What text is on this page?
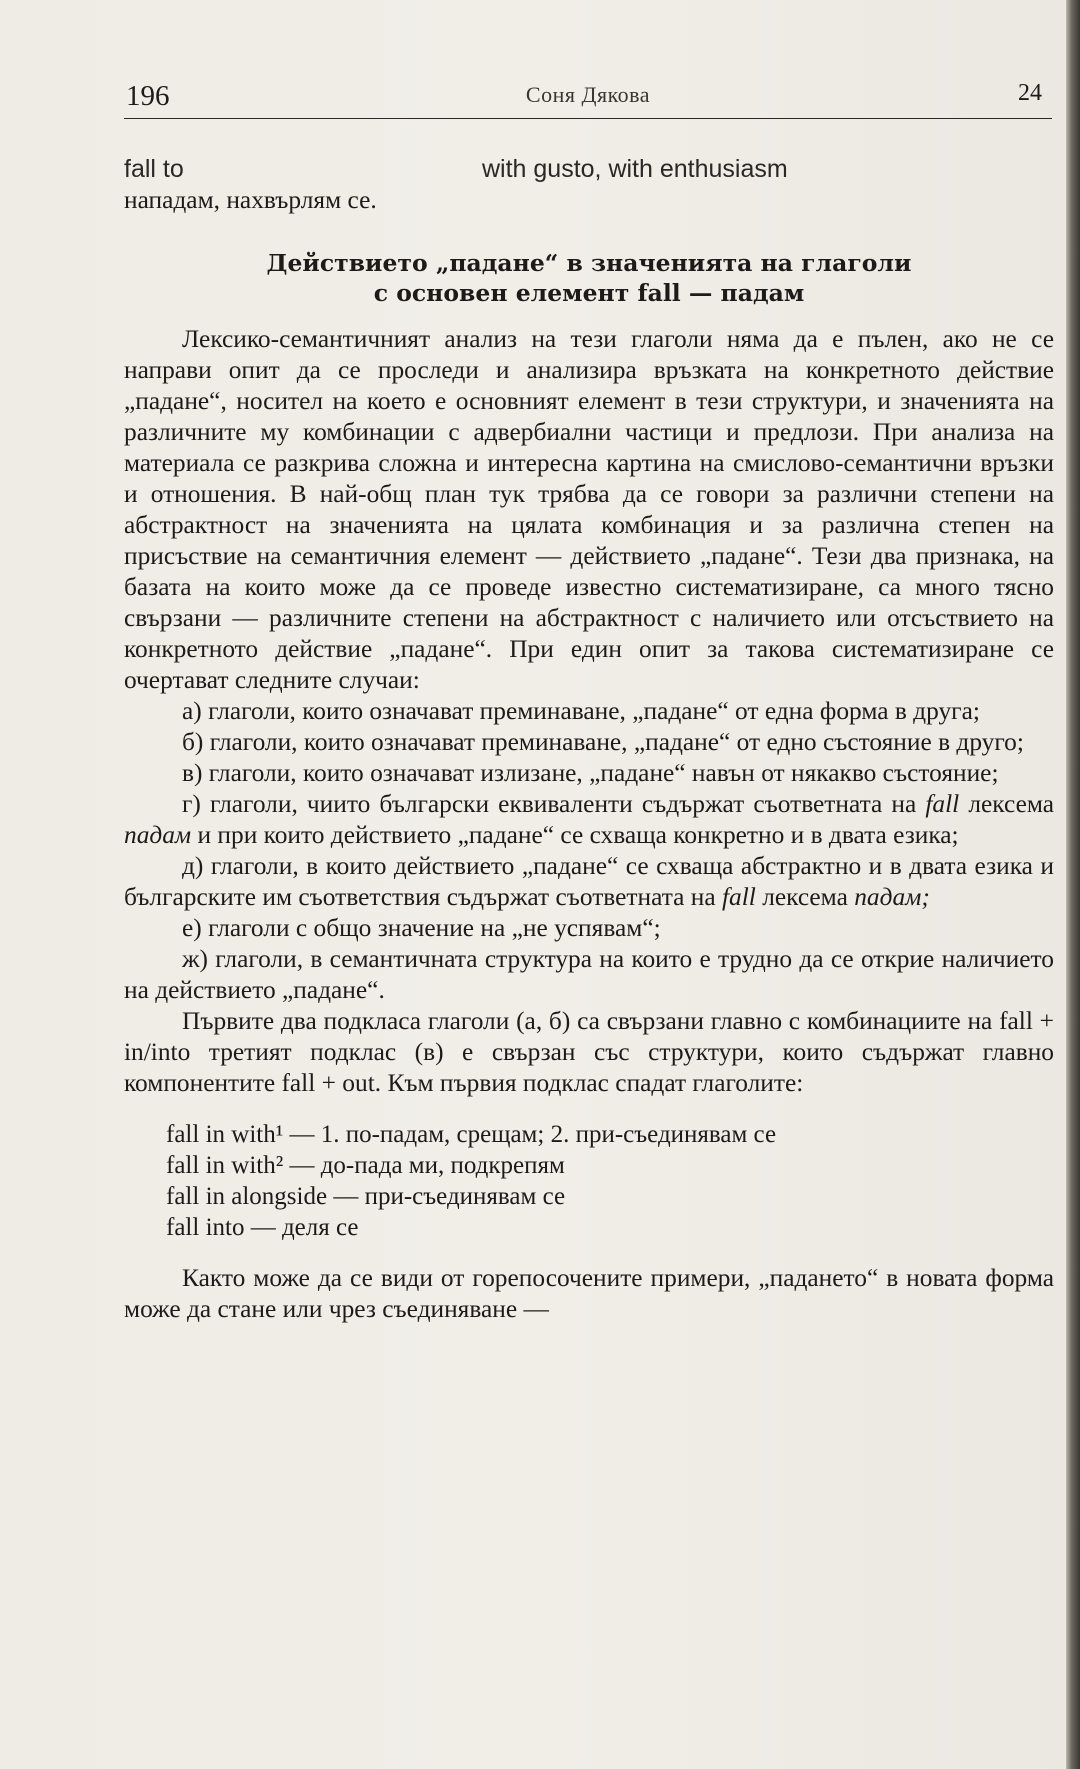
196	Соня Дякова	24
fall to	with gusto, with enthusiasm

нападам, нахвърлям се.

Действието „падане“ в значенията на глаголи
с основен елемент fall — падам

Лексико-семантичният анализ на тези глаголи няма да е пълен, ако не се направи опит да се проследи и анализира връзката на конкретното действие „падане“, носител на което е основният елемент в тези структури, и значенията на различните му комбинации с адвербиални частици и предлози. При анализа на материала се разкрива сложна и интересна картина на смислово-семантични връзки и отношения. В най-общ план тук трябва да се говори за различни степени на абстрактност на значенията на цялата комбинация и за различна степен на присъствие на семантичния елемент — действието „падане“. Тези два признака, на базата на които може да се проведе известно систематизиране, са много тясно свързани — различните степени на абстрактност с наличието или отсъствието на конкретното действие „падане“. При един опит за такова систематизиране се очертават следните случаи:

а) глаголи, които означават преминаване, „падане“ от една форма в друга;

б) глаголи, които означават преминаване, „падане“ от едно състояние в друго;

в) глаголи, които означават излизане, „падане“ навън от някакво състояние;

г) глаголи, чиито български еквиваленти съдържат съответната на fall лексема падам и при които действието „падане“ се схваща конкретно и в двата езика;

д) глаголи, в които действието „падане“ се схваща абстрактно и в двата езика и българските им съответствия съдържат съответната на fall лексема падам;

е) глаголи с общо значение на „не успявам“;

ж) глаголи, в семантичната структура на които е трудно да се открие наличието на действието „падане“.

Първите два подкласа глаголи (а, б) са свързани главно с комбинациите на fall + in/into третият подклас (в) е свързан със структури, които съдържат главно компонентите fall + out. Към първия подклас спадат глаголите:

fall in with¹ — 1. по-падам, срещам; 2. при-съединявам се
fall in with² — до-пада ми, подкрепям
fall in alongside — при-съединявам се
fall into — деля се

Както може да се види от горепосочените примери, „падането“ в новата форма може да стане или чрез съединяване —
